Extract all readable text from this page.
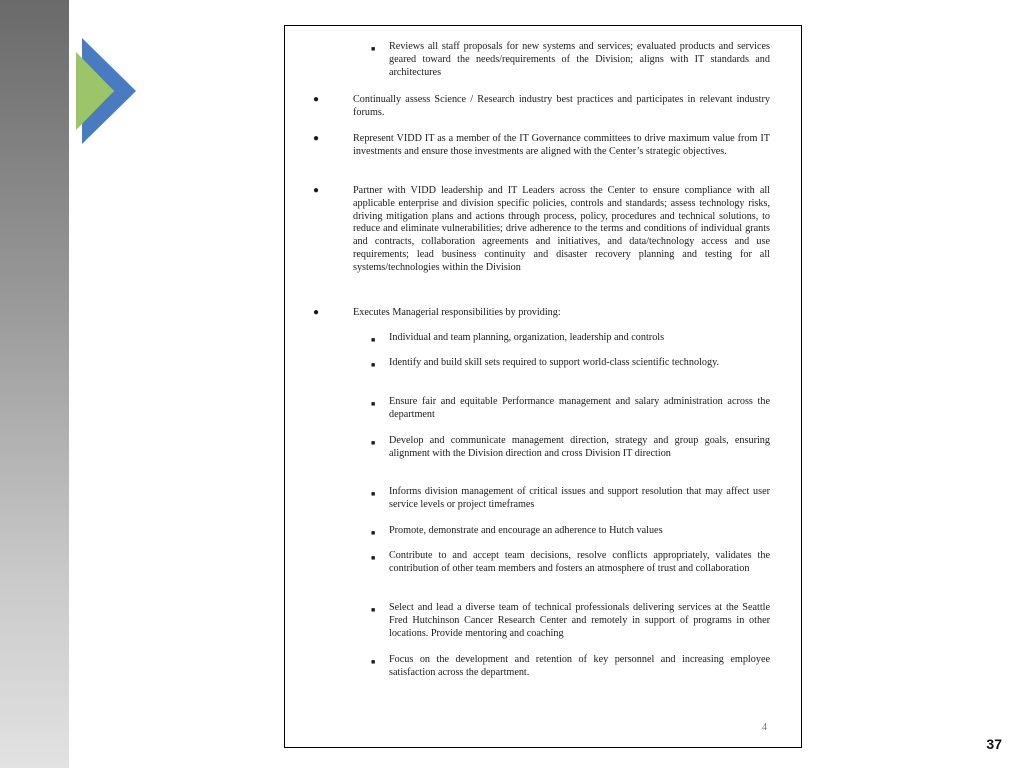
■ Reviews all staff proposals for new systems and services; evaluated products and services geared toward the needs/requirements of the Division; aligns with IT standards and architectures
●	Continually assess Science / Research industry best practices and participates in relevant industry forums.
●	Represent VIDD IT as a member of the IT Governance committees to drive maximum value from IT investments and ensure those investments are aligned with the Center’s strategic objectives.
●	Partner with VIDD leadership and IT Leaders across the Center to ensure compliance with all applicable enterprise and division specific policies, controls and standards; assess technology risks, driving mitigation plans and actions through process, policy, procedures and technical solutions, to reduce and eliminate vulnerabilities; drive adherence to the terms and conditions of individual grants and contracts, collaboration agreements and initiatives, and data/technology access and use requirements; lead business continuity and disaster recovery planning and testing for all systems/technologies within the Division
●	Executes Managerial responsibilities by providing:
■ Individual and team planning, organization, leadership and controls
■ Identify and build skill sets required to support world-class scientific technology.
■ Ensure fair and equitable Performance management and salary administration across the department
■ Develop and communicate management direction, strategy and group goals, ensuring alignment with the Division direction and cross Division IT direction
■ Informs division management of critical issues and support resolution that may affect user service levels or project timeframes
■ Promote, demonstrate and encourage an adherence to Hutch values
■ Contribute to and accept team decisions, resolve conflicts appropriately, validates the contribution of other team members and fosters an atmosphere of trust and collaboration
■ Select and lead a diverse team of technical professionals delivering services at the Seattle Fred Hutchinson Cancer Research Center and remotely in support of programs in other locations. Provide mentoring and coaching
■ Focus on the development and retention of key personnel and increasing employee satisfaction across the department.
4
37
